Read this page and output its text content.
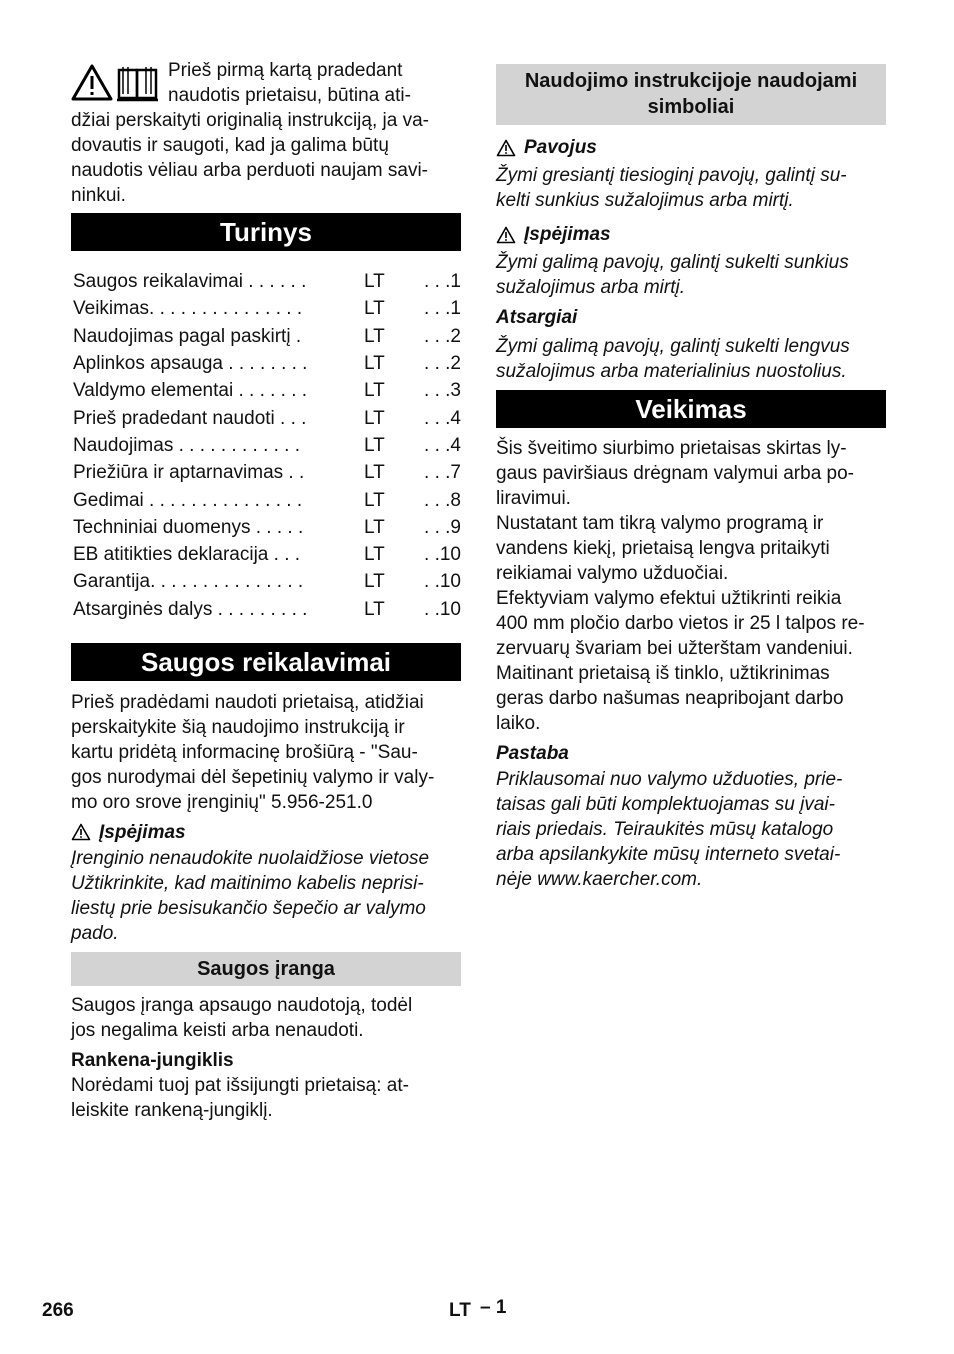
Prieš pirmą kartą pradedant

naudotis prietaisu, būtina ati-

džiai perskaityti originalią instrukciją, ja va-

dovautis ir saugoti, kad ja galima būtų

naudotis vėliau arba perduoti naujam savi-

ninkui.

Turinys
Saugos reikalavimai . . . . . .	LT	. . .1
Veikimas. . . . . . . . . . . . . . .	LT	. . .1
Naudojimas pagal paskirtį .	LT	. . .2
Aplinkos apsauga . . . . . . . .	LT	. . .2
Valdymo elementai . . . . . . .	LT	. . .3
Prieš pradedant naudoti . . .	LT	. . .4
Naudojimas . . . . . . . . . . . .	LT	. . .4
Priežiūra ir aptarnavimas . .	LT	. . .7
Gedimai . . . . . . . . . . . . . . .	LT	. . .8
Techniniai duomenys . . . . .	LT	. . .9
EB atitikties deklaracija . . .	LT	. .10
Garantija. . . . . . . . . . . . . . .	LT	. .10
Atsarginės dalys . . . . . . . . .	LT	. .10
Saugos reikalavimai

Prieš pradėdami naudoti prietaisą, atidžiai

perskaitykite šią naudojimo instrukciją ir

kartu pridėtą informacinę brošiūrą - "Sau-

gos nurodymai dėl šepetinių valymo ir valy-

mo oro srove įrenginių" 5.956-251.0

Įspėjimas

Įrenginio nenaudokite nuolaidžiose vietose

Užtikrinkite, kad maitinimo kabelis neprisi-

liestų prie besisukančio šepečio ar valymo

pado.

Saugos įranga

Saugos įranga apsaugo naudotoją, todėl

jos negalima keisti arba nenaudoti.

Rankena-jungiklis

Norėdami tuoj pat išsijungti prietaisą: at-

leiskite rankeną-jungiklį.

Naudojimo instrukcijoje naudojami
simboliai
Pavojus

Žymi gresiantį tiesioginį pavojų, galintį su-

kelti sunkius sužalojimus arba mirtį.

Įspėjimas

Žymi galimą pavojų, galintį sukelti sunkius

sužalojimus arba mirtį.

Atsargiai

Žymi galimą pavojų, galintį sukelti lengvus

sužalojimus arba materialinius nuostolius.

Veikimas

Šis šveitimo siurbimo prietaisas skirtas ly-

gaus paviršiaus drėgnam valymui arba po-

liravimui.

Nustatant tam tikrą valymo programą ir

vandens kiekį, prietaisą lengva pritaikyti

reikiamai valymo užduočiai.

Efektyviam valymo efektui užtikrinti reikia

400 mm pločio darbo vietos ir 25 l talpos re-

zervuarų švariam bei užterštam vandeniui.

Maitinant prietaisą iš tinklo, užtikrinimas

geras darbo našumas neapribojant darbo

laiko.

Pastaba

Priklausomai nuo valymo užduoties, prie-

taisas gali būti komplektuojamas su įvai-

riais priedais. Teiraukitės mūsų katalogo

arba apsilankykite mūsų interneto svetai-

nėje www.kaercher.com.

266	LT – 1
